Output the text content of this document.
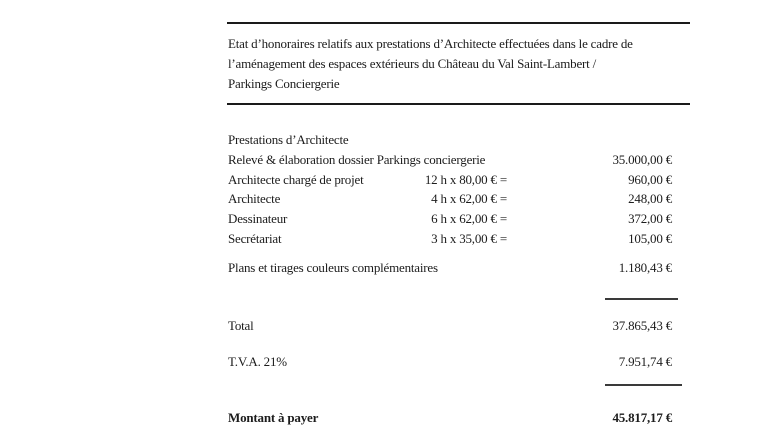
Etat d’honoraires relatifs aux prestations d’Architecte effectuées dans le cadre de
l’aménagement des espaces extérieurs du Château du Val Saint-Lambert /
Parkings Conciergerie
Prestations d’Architecte
Relevé & élaboration dossier Parkings conciergerie	35.000,00 €
Architecte chargé de projet	12 h x 80,00 € =	960,00 €
Architecte	4 h x 62,00 € =	248,00 €
Dessinateur	6 h x 62,00 € =	372,00 €
Secrétariat	3 h x 35,00 € =	105,00 €
Plans et tirages couleurs complémentaires	1.180,43 €
Total	37.865,43 €
T.V.A. 21%	7.951,74 €
Montant à payer	45.817,17 €
